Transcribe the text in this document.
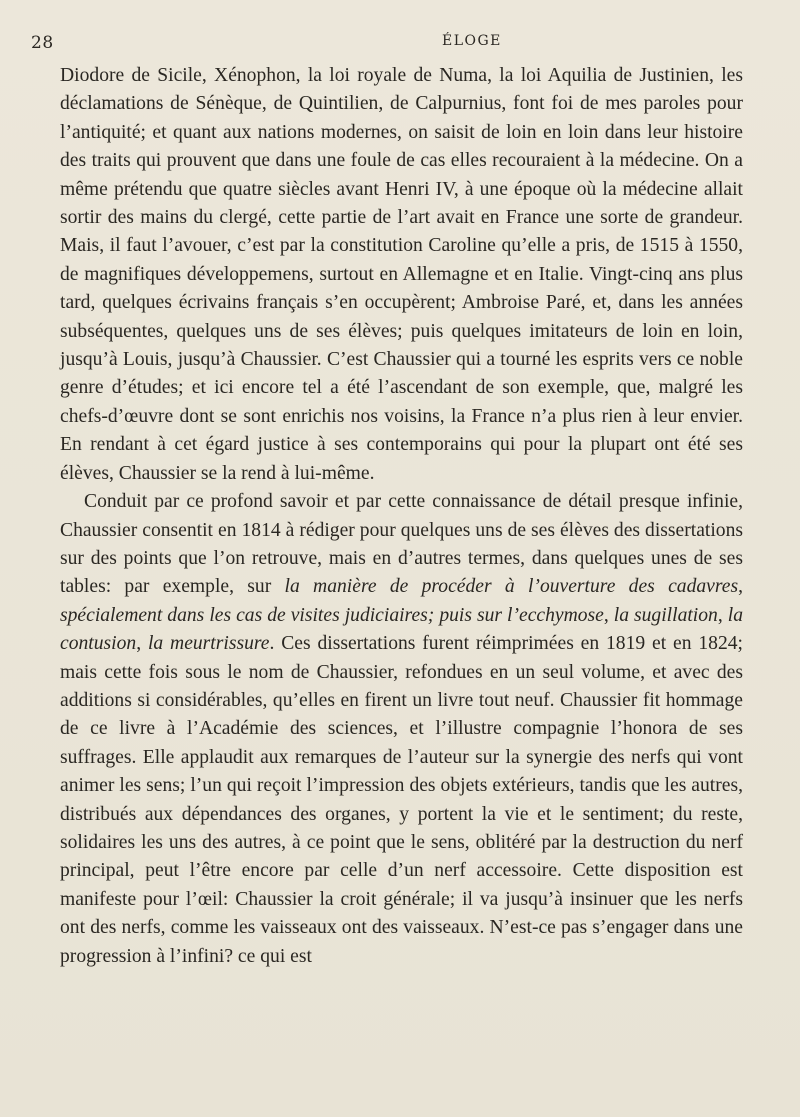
28	ÉLOGE

Diodore de Sicile, Xénophon, la loi royale de Numa, la loi Aquilia de Justinien, les déclamations de Sénèque, de Quintilien, de Calpurnius, font foi de mes paroles pour l’antiquité; et quant aux nations modernes, on saisit de loin en loin dans leur histoire des traits qui prouvent que dans une foule de cas elles recouraient à la médecine. On a même prétendu que quatre siècles avant Henri IV, à une époque où la médecine allait sortir des mains du clergé, cette partie de l’art avait en France une sorte de grandeur. Mais, il faut l’avouer, c’est par la constitution Caroline qu’elle a pris, de 1515 à 1550, de magnifiques développemens, surtout en Allemagne et en Italie. Vingt-cinq ans plus tard, quelques écrivains français s’en occupèrent; Ambroise Paré, et, dans les années subséquentes, quelques uns de ses élèves; puis quelques imitateurs de loin en loin, jusqu’à Louis, jusqu’à Chaussier. C’est Chaussier qui a tourné les esprits vers ce noble genre d’études; et ici encore tel a été l’ascendant de son exemple, que, malgré les chefs-d’œuvre dont se sont enrichis nos voisins, la France n’a plus rien à leur envier. En rendant à cet égard justice à ses contemporains qui pour la plupart ont été ses élèves, Chaussier se la rend à lui-même.

Conduit par ce profond savoir et par cette connaissance de détail presque infinie, Chaussier consentit en 1814 à rédiger pour quelques uns de ses élèves des dissertations sur des points que l’on retrouve, mais en d’autres termes, dans quelques unes de ses tables: par exemple, sur la manière de procéder à l’ouverture des cadavres, spécialement dans les cas de visites judiciaires; puis sur l’ecchymose, la sugillation, la contusion, la meurtrissure. Ces dissertations furent réimprimées en 1819 et en 1824; mais cette fois sous le nom de Chaussier, refondues en un seul volume, et avec des additions si considérables, qu’elles en firent un livre tout neuf. Chaussier fit hommage de ce livre à l’Académie des sciences, et l’illustre compagnie l’honora de ses suffrages. Elle applaudit aux remarques de l’auteur sur la synergie des nerfs qui vont animer les sens; l’un qui reçoit l’impression des objets extérieurs, tandis que les autres, distribués aux dépendances des organes, y portent la vie et le sentiment; du reste, solidaires les uns des autres, à ce point que le sens, oblitéré par la destruction du nerf principal, peut l’être encore par celle d’un nerf accessoire. Cette disposition est manifeste pour l’œil: Chaussier la croit générale; il va jusqu’à insinuer que les nerfs ont des nerfs, comme les vaisseaux ont des vaisseaux. N’est-ce pas s’engager dans une progression à l’infini? ce qui est
